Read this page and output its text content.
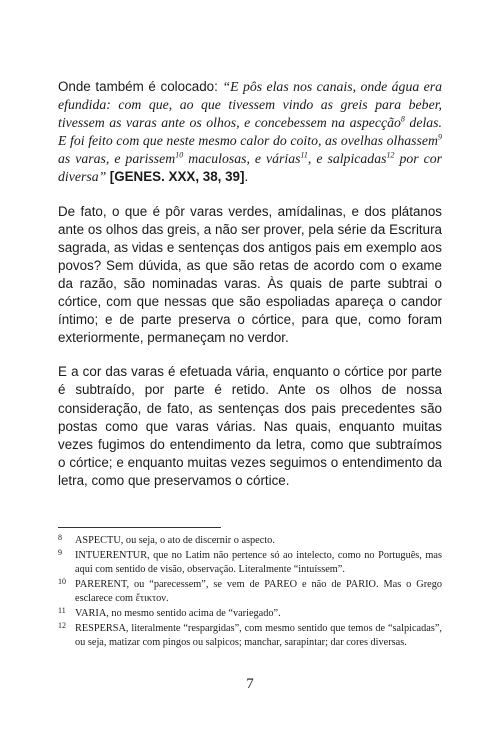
Onde também é colocado: “E pôs elas nos canais, onde água era efundida: com que, ao que tivessem vindo as greis para beber, tivessem as varas ante os olhos, e concebessem na aspecção$^8$ delas. E foi feito com que neste mesmo calor do coito, as ovelhas olhassem$^9$ as varas, e parissem$^{10}$ maculosas, e várias$^{11}$, e salpicadas$^{12}$ por cor diversa” [GENES. XXX, 38, 39].

De fato, o que é pôr varas verdes, amídalinas, e dos plátanos ante os olhos das greis, a não ser prover, pela série da Escritura sagrada, as vidas e sentenças dos antigos pais em exemplo aos povos? Sem dúvida, as que são retas de acordo com o exame da razão, são nominadas varas. Às quais de parte subtrai o córtice, com que nessas que são espoliadas apareça o candor íntimo; e de parte preserva o córtice, para que, como foram exteriormente, permaneçam no verdor.

E a cor das varas é efetuada vária, enquanto o córtice por parte é subtraído, por parte é retido. Ante os olhos de nossa consideração, de fato, as sentenças dos pais precedentes são postas como que varas várias. Nas quais, enquanto muitas vezes fugimos do entendimento da letra, como que subtraímos o córtice; e enquanto muitas vezes seguimos o entendimento da letra, como que preservamos o córtice.

8 ASPECTU, ou seja, o ato de discernir o aspecto.
9 INTUERENTUR, que no Latim não pertence só ao intelecto, como no Português, mas aqui com sentido de visão, observação. Literalmente “intuíssem”.
10 PARERENT, ou “parecessem”, se vem de PAREO e não de PARIO. Mas o Grego esclarece com ἔτικτον.
11 VARIA, no mesmo sentido acima de “variegado”.
12 RESPERSA, literalmente “respargidas”, com mesmo sentido que temos de “salpicadas”, ou seja, matizar com pingos ou salpicos; manchar, sarapintar; dar cores diversas.
7
